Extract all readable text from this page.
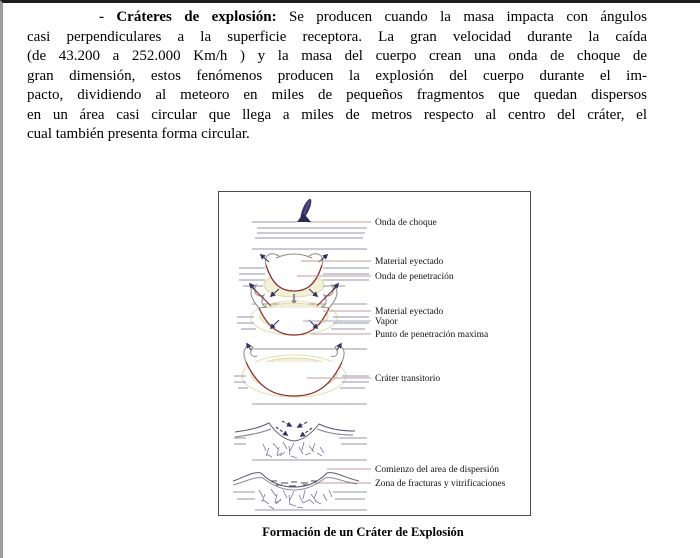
- Cráteres de explosión: Se producen cuando la masa impacta con ángulos
casi perpendiculares a la superficie receptora. La gran velocidad durante la caída
(de 43.200 a 252.000 Km/h ) y la masa del cuerpo crean una onda de choque de
gran dimensión, estos fenómenos producen la explosión del cuerpo durante el im-
pacto, dividiendo al meteoro en miles de pequeños fragmentos que quedan dispersos
en un área casi circular que llega a miles de metros respecto al centro del cráter, el
cual también presenta forma circular.
Onda de choque
Material eyectado
Onda de penetración
Material eyectado
Vapor
Punto de penetración maxima
Cráter transitorio
Comienzo del area de dispersión
Zona de fracturas y vitrificaciones
Formación de un Cráter de Explosión
